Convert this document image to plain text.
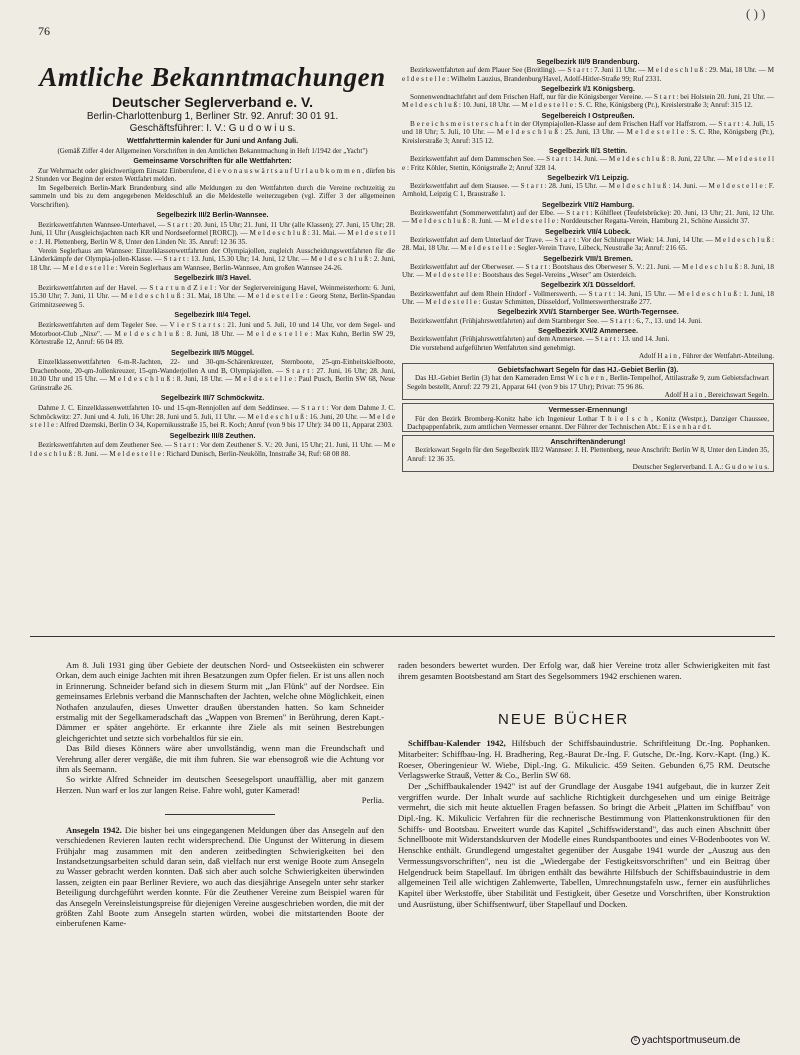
76
( ) )
Amtliche Bekanntmachungen
Deutscher Seglerverband e. V.
Berlin-Charlottenburg 1, Berliner Str. 92. Anruf: 30 01 91.
Geschäftsführer: I. V.: G u d o w i u s.
Wettfahrttermin kalender für Juni und Anfang Juli.
(Gemäß Ziffer 4 der Allgemeinen Vorschriften in den Amtlichen Bekanntmachung in Heft 1/1942 der „Yacht")
Gemeinsame Vorschriften für alle Wettfahrten:

Zur Wehrmacht oder gleichwertigem Einsatz Einberufene, d i e v o n a u s w ä r t s a u f U r l a u b k o m m e n , dürfen bis 2 Stunden vor Beginn der ersten Wettfahrt melden.

Im Segelbereich Berlin-Mark Brandenburg sind alle Meldungen zu den Wettfahrten durch die Vereine rechtzeitig zu sammeln und bis zu dem angegebenen Meldeschluß an die Meldestelle weiterzugeben (vgl. Ziffer 3 der allgemeinen Vorschriften).

Segelbezirk III/2 Berlin-Wannsee.

Bezirkswettfahrten Wannsee-Unterhavel, — S t a r t : 20. Juni, 15 Uhr; 21. Juni, 11 Uhr (alle Klassen); 27. Juni, 15 Uhr; 28. Juni, 11 Uhr (Ausgleichsjachten nach KR und Nordseeformel [RORC]). — M e l d e s c h l u ß : 31. Mai. — M e l d e s t e l l e : J. H. Plettenberg, Berlin W 8, Unter den Linden Nr. 35. Anruf: 12 36 35.

Verein Seglerhaus am Wannsee: Einzelklassenwettfahrten der Olympiajollen, zugleich Ausscheidungswettfahrten für die Länderkämpfe der Olympia-jollen-Klasse. — S t a r t : 13. Juni, 15.30 Uhr; 14. Juni, 12 Uhr. — M e l d e s c h l u ß : 2. Juni, 18 Uhr. — M e l d e s t e l l e : Verein Seglerhaus am Wannsee, Berlin-Wannsee, Am großen Wannsee 24-26.

Segelbezirk III/3 Havel.

Bezirkswettfahrten auf der Havel. — S t a r t u n d Z i e l : Vor der Seglervereinigung Havel, Weinmeisterhorn: 6. Juni, 15.30 Uhr; 7. Juni, 11 Uhr. — M e l d e s c h l u ß : 31. Mai, 18 Uhr. — M e l d e s t e l l e : Georg Stenz, Berlin-Spandau Grimnitzseeweg 5.

Segelbezirk III/4 Tegel.

Bezirkswettfahrten auf dem Tegeler See. — V i e r S t a r t s : 21. Juni und 5. Juli, 10 und 14 Uhr, vor dem Segel- und Motorboot-Club „Nixe". — M e l d e s c h l u ß : 8. Juni, 18 Uhr. — M e l d e s t e l l e : Max Kuhn, Berlin SW 29, Körtestraße 12, Anruf: 66 04 89.

Segelbezirk III/5 Müggel.

Einzelklassenwettfahrten 6-m-R-Jachten, 22- und 30-qm-Schärenkreuzer, Sternboote, 25-qm-Einheitskielboote, Drachenboote, 20-qm-Jollenkreuzer, 15-qm-Wanderjollen A und B, Olympiajollen. — S t a r t : 27. Juni, 16 Uhr; 28. Juni, 10.30 Uhr und 15 Uhr. — M e l d e s c h l u ß : 8. Juni, 18 Uhr. — M e l d e s t e l l e : Paul Pusch, Berlin SW 68, Neue Grünstraße 26.

Segelbezirk III/7 Schmöckwitz.

Dahme J. C. Einzelklassenwettfahrten 10- und 15-qm-Rennjollen auf dem Seddinsee. — S t a r t : Vor dem Dahme J. C. Schmöckwitz: 27. Juni und 4. Juli, 16 Uhr: 28. Juni und 5. Juli, 11 Uhr. — M e l d e s c h l u ß : 16. Juni, 20 Uhr. — M e l d e s t e l l e : Alfred Dzemski, Berlin O 34, Kopernikusstraße 15, bei R. Koch; Anruf (von 9 bis 17 Uhr): 34 00 11, Apparat 2303.

Segelbezirk III/8 Zeuthen.

Bezirkswettfahrten auf dem Zeuthener See. — S t a r t : Vor dem Zeuthener S. V.: 20. Juni, 15 Uhr; 21. Juni, 11 Uhr. — M e l d e s c h l u ß : 8. Juni. — M e l d e s t e l l e : Richard Dunisch, Berlin-Neukölln, Innstraße 34, Ruf: 68 08 88.

Segelbezirk III/9 Brandenburg.

Bezirkswettfahrten auf dem Plauer See (Breitling). — S t a r t : 7. Juni 11 Uhr. — M e l d e s c h l u ß : 29. Mai, 18 Uhr. — M e l d e s t e l l e : Wilhelm Lauzius, Brandenburg/Havel, Adolf-Hitler-Straße 99; Ruf 2331.

Segelbezirk I/1 Königsberg.

Sonnenwendnachtfahrt auf dem Frischen Haff, nur für die Königsberger Vereine. — S t a r t : bei Holstein 20. Juni, 21 Uhr. — M e l d e s c h l u ß : 10. Juni, 18 Uhr. — M e l d e s t e l l e : S. C. Rhe, Königsberg (Pr.), Kreislerstraße 3; Anruf: 315 12.

Segelbereich I Ostpreußen.

B e r e i c h s m e i s t e r s c h a f t in der Olympiajollen-Klasse auf dem Frischen Haff vor Haffstrom. — S t a r t : 4. Juli, 15 und 18 Uhr; 5. Juli, 10 Uhr. — M e l d e s c h l u ß : 25. Juni, 13 Uhr. — M e l d e s t e l l e : S. C. Rhe, Königsberg (Pr.), Kreislerstraße 3; Anruf: 315 12.

Segelbezirk II/1 Stettin.

Bezirkswettfahrt auf dem Dammschen See. — S t a r t : 14. Juni. — M e l d e s c h l u ß : 8. Juni, 22 Uhr. — M e l d e s t e l l e : Fritz Köhler, Stettin, Königstraße 2; Anruf 328 14.

Segelbezirk V/1 Leipzig.

Bezirkswettfahrt auf dem Stausee. — S t a r t : 28. Juni, 15 Uhr. — M e l d e s c h l u ß : 14. Juni. — M e l d e s t e l l e : F. Arnhold, Leipzig C 1, Braustraße 1.

Segelbezirk VII/2 Hamburg.

Bezirkswettfahrt (Sommerwettfahrt) auf der Elbe. — S t a r t : Köhlfleet (Teufelsbrücke): 20. Juni, 13 Uhr; 21. Juni, 12 Uhr. — M e l d e s c h l u ß : 8. Juni. — M e l d e s t e l l e : Norddeutscher Regatta-Verein, Hamburg 21, Schöne Aussicht 37.

Segelbezirk VII/4 Lübeck.

Bezirkswettfahrt auf dem Unterlauf der Trave. — S t a r t : Vor der Schlutuper Wiek: 14. Juni, 14 Uhr. — M e l d e s c h l u ß : 28. Mai, 18 Uhr. — M e l d e s t e l l e : Segler-Verein Trave, Lübeck, Neustraße 3a; Anruf: 216 65.

Segelbezirk VIII/1 Bremen.

Bezirkswettfahrt auf der Oberweser. — S t a r t : Bootshaus des Oberweser S. V.: 21. Juni. — M e l d e s c h l u ß : 8. Juni, 18 Uhr. — M e l d e s t e l l e : Bootshaus des Segel-Vereins „Weser" am Osterdeich.

Segelbezirk X/1 Düsseldorf.

Bezirkswettfahrt auf dem Rhein Hitdorf - Vollmerswerth. — S t a r t : 14. Juni, 15 Uhr. — M e l d e s c h l u ß : 1. Juni, 18 Uhr. — M e l d e s t e l l e : Gustav Schmitten, Düsseldorf, Vollmerswertherstraße 277.

Segelbezirk XVI/1 Starnberger See. Würth-Tegernsee.

Bezirkswettfahrt (Frühjahrswettfahrten) auf dem Starnberger See. — S t a r t : 6., 7., 13. und 14. Juni.

Segelbezirk XVI/2 Ammersee.

Bezirkswettfahrt (Frühjahrswettfahrten) auf dem Ammersee. — S t a r t : 13. und 14. Juni.

Die vorstehend aufgeführten Wettfahrten sind genehmigt.

Adolf H a i n , Führer der Wettfahrt-Abteilung.

Gebietsfachwart Segeln für das HJ.-Gebiet Berlin (3).

Das HJ.-Gebiet Berlin (3) hat den Kameraden Ernst W i c h e r n , Berlin-Tempelhof, Attilastraße 9, zum Gebietsfachwart Segeln bestellt, Anruf: 22 79 21, Apparat 641 (von 9 bis 17 Uhr); Privat: 75 96 86.

Adolf H a i n , Bereichswart Segeln.

Vermesser-Ernennung!

Für den Bezirk Bromberg-Konitz habe ich Ingenieur Lothar T h i e l s c h , Konitz (Westpr.), Danziger Chaussee, Dachpappenfabrik, zum amtlichen Vermesser ernannt. Der Führer der Technischen Abt.: E i s e n h a r d t.

Anschriftenänderung!

Bezirkswart Segeln für den Segelbezirk III/2 Wannsee: J. H. Plettenberg, neue Anschrift: Berlin W 8, Unter den Linden 35, Anruf: 12 36 35.

Deutscher Seglerverband. I. A.: G u d o w i u s.

Am 8. Juli 1931 ging über Gebiete der deutschen Nord- und Ostseeküsten ein schwerer Orkan, dem auch einige Jachten mit ihren Besatzungen zum Opfer fielen. Er ist uns allen noch in Erinnerung. Schneider befand sich in diesem Sturm mit „Jan Flünk" auf der Nordsee. Ein gemeinsames Erlebnis verband die Mannschaften der Jachten, welche ohne Möglichkeit, einen Nothafen anzulaufen, dieses Unwetter draußen überstanden hatten. So kam Schneider erstmalig mit der Segelkameradschaft das „Wappen von Bremen" in Berührung, deren Kapt.-Dämmer er später angehörte. Er erkannte ihre Ziele als mit seinen Bestrebungen gleichgerichtet und setzte sich vorbehaltlos für sie ein.

Das Bild dieses Könners wäre aber unvollständig, wenn man die Freundschaft und Verehrung aller derer vergäße, die mit ihm fuhren. Sie war ebensogroß wie die Achtung vor ihm als Seemann.

So wirkte Alfred Schneider im deutschen Seesegelsport unauffällig, aber mit ganzem Herzen. Nun warf er los zur langen Reise. Fahre wohl, guter Kamerad!

Perlia.

Ansegeln 1942. Die bisher bei uns eingegangenen Meldungen über das Ansegeln auf den verschiedenen Revieren lauten recht widersprechend. Die Ungunst der Witterung in diesem Frühjahr mag zusammen mit den anderen zeitbedingten Schwierigkeiten bei den Instandsetzungsarbeiten schuld daran sein, daß vielfach nur erst wenige Boote zum Ansegeln zu Wasser gebracht werden konnten. Daß sich aber auch solche Schwierigkeiten überwinden lassen, zeigten ein paar Berliner Reviere, wo auch das diesjährige Ansegeln unter sehr starker Beteiligung durchgeführt werden konnte. Für die Zeuthener Vereine zum Beispiel waren für das Ansegeln Vereinsleistungspreise für diejenigen Vereine ausgeschrieben worden, die mit der größten Zahl Boote zum Ansegeln starten würden, wobei die mitstartenden Boote der einberufenen Kame-

raden besonders bewertet wurden. Der Erfolg war, daß hier Vereine trotz aller Schwierigkeiten mit fast ihrem gesamten Bootsbestand am Start des Segelsommers 1942 erschienen waren.

NEUE BÜCHER

Schiffbau-Kalender 1942, Hilfsbuch der Schiffsbauindustrie. Schriftleitung Dr.-Ing. Pophanken. Mitarbeiter: Schiffbau-Ing. H. Bradhering, Reg.-Baurat Dr.-Ing. F. Gutsche, Dr.-Ing. Korv.-Kapt. (Ing.) K. Roeser, Oberingenieur W. Wiebe, Dipl.-Ing. G. Mikulicic. 459 Seiten. Gebunden 6,75 RM. Deutsche Verlagswerke Strauß, Vetter & Co., Berlin SW 68.

Der „Schiffbaukalender 1942" ist auf der Grundlage der Ausgabe 1941 aufgebaut, die in kurzer Zeit vergriffen wurde. Der Inhalt wurde auf sachliche Richtigkeit durchgesehen und um einige Beiträge vermehrt, die sich mit heute aktuellen Fragen befassen. So bringt die Arbeit „Platten im Schiffbau" von Dipl.-Ing. K. Mikulicic Verfahren für die rechnerische Bestimmung von Plattenkonstruktionen für den Schiffs- und Bootsbau. Erweitert wurde das Kapitel „Schiffswiderstand", das auch einen Abschnitt über Schnellboote mit Widerstandskurven der Modelle eines Rundspantbootes und eines V-Bodenbootes von W. Henschke enthält. Grundlegend umgestaltet gegenüber der Ausgabe 1941 wurde der „Auszug aus den Vermessungsvorschriften", neu ist die „Wiedergabe der Festigkeitsvorschriften" und ein Beitrag über Helgendruck beim Stapellauf. Im übrigen enthält das bewährte Hilfsbuch der Schiffsbauindustrie in dem allgemeinen Teil alle wichtigen Zahlenwerte, Tabellen, Umrechnungstafeln usw., ferner ein ausführliches Kapitel über Werkstoffe, über Stabilität und Festigkeit, über Gesetze und Vorschriften, über Konstruktion und Ausrüstung, über Schiffsentwurf, über Stapellauf und Docken.

c yachtsportmuseum.de
